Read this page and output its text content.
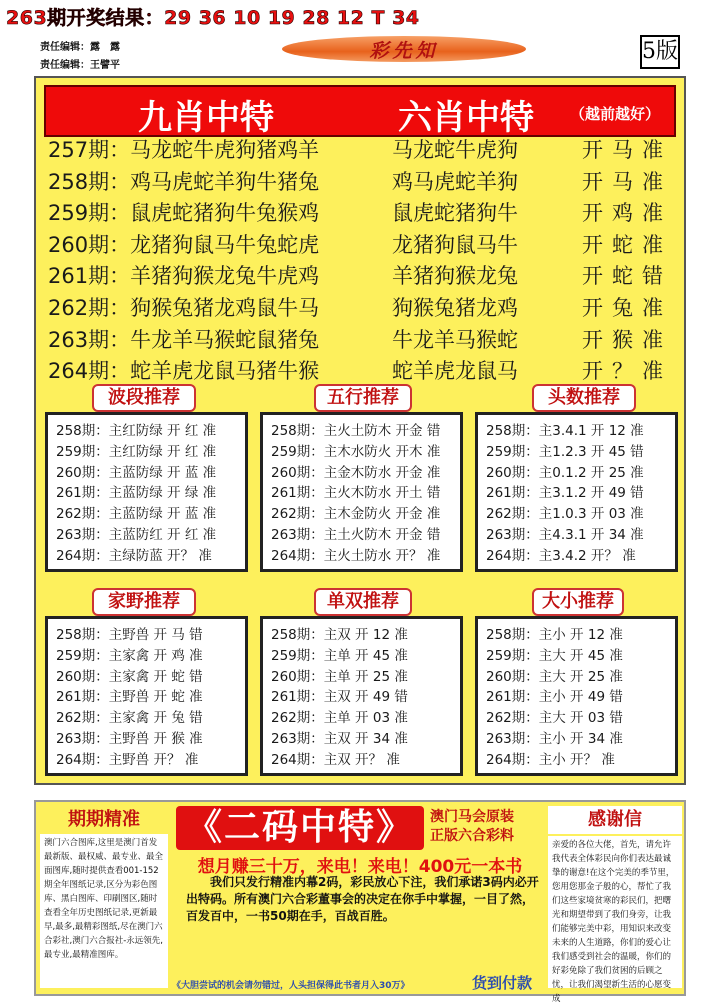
263期开奖结果：29 36 10 19 28 12 T 34
责任编辑：露　露
责任编辑：王譬平
彩先知	5版
九肖中特	六肖中特 （越前越好）
257期：马龙蛇牛虎狗猪鸡羊	马龙蛇牛虎狗	开马准
258期：鸡马虎蛇羊狗牛猪兔	鸡马虎蛇羊狗	开马准
259期：鼠虎蛇猪狗牛兔猴鸡	鼠虎蛇猪狗牛	开鸡准
260期：龙猪狗鼠马牛兔蛇虎	龙猪狗鼠马牛	开蛇准
261期：羊猪狗猴龙兔牛虎鸡	羊猪狗猴龙兔	开蛇错
262期：狗猴兔猪龙鸡鼠牛马	狗猴兔猪龙鸡	开兔准
263期：牛龙羊马猴蛇鼠猪兔	牛龙羊马猴蛇	开猴准
264期：蛇羊虎龙鼠马猪牛猴	蛇羊虎龙鼠马	开？准
波段推荐
258期：主红防绿 开 红 准
259期：主红防绿 开 红 准
260期：主蓝防绿 开 蓝 准
261期：主蓝防绿 开 绿 准
262期：主蓝防绿 开 蓝 准
263期：主蓝防红 开 红 准
264期：主绿防蓝 开？ 准
五行推荐
258期：主火土防木 开金 错
259期：主木水防火 开木 准
260期：主金木防水 开金 准
261期：主火木防水 开土 错
262期：主木金防火 开金 准
263期：主土火防木 开金 错
264期：主火土防水 开？ 准
头数推荐
258期：主3.4.1 开 12 准
259期：主1.2.3 开 45 错
260期：主0.1.2 开 25 准
261期：主3.1.2 开 49 错
262期：主1.0.3 开 03 准
263期：主4.3.1 开 34 准
264期：主3.4.2 开？ 准
家野推荐
258期：主野兽 开 马 错
259期：主家禽 开 鸡 准
260期：主家禽 开 蛇 错
261期：主野兽 开 蛇 准
262期：主家禽 开 兔 错
263期：主野兽 开 猴 准
264期：主野兽 开？ 准
单双推荐
258期：主双 开 12 准
259期：主单 开 45 准
260期：主单 开 25 准
261期：主双 开 49 错
262期：主单 开 03 准
263期：主双 开 34 准
264期：主双 开？ 准
大小推荐
258期：主小 开 12 准
259期：主大 开 45 准
260期：主大 开 25 准
261期：主小 开 49 错
262期：主大 开 03 错
263期：主小 开 34 准
264期：主小 开？ 准
期期精准
澳门六合图库,这里是澳门首发最新版、最权威、最专业、最全面图库,随时提供查看001-152期全年图纸记录,区分为彩色图库、黑白图库、印刷图区,随时查看全年历史图纸记录,更新最早,最多,最精彩图纸,尽在澳门六合彩社,澳门六合报社-永远领先,最专业,最精准图库。
《二码中特》	澳门马会原装
正版六合彩料
想月赚三十万，来电！来电！400元一本书
我们只发行精准内幕2码，彩民放心下注，我们承诺3码内必开出特码。所有澳门六合彩董事会的决定在你手中掌握，一目了然，百发百中，一书50期在手，百战百胜。
《大胆尝试的机会请勿错过，人头担保得此书者月入30万》	货到付款
感谢信
亲爱的各位大佬，首先，请允许我代表全体彩民向你们表达最诚挚的谢意!在这个完美的季节里，您用您那金子般的心，帮忙了我们这些家境贫寒的彩民们，把曙光和期望带到了我们身旁，让我们能够完美中彩，用知识来改变未来的人生道路，你们的爱心让我们感受到社会的温暖，你们的好彩免除了我们贫困的后顾之忧，让我们渴望新生活的心愿变成
